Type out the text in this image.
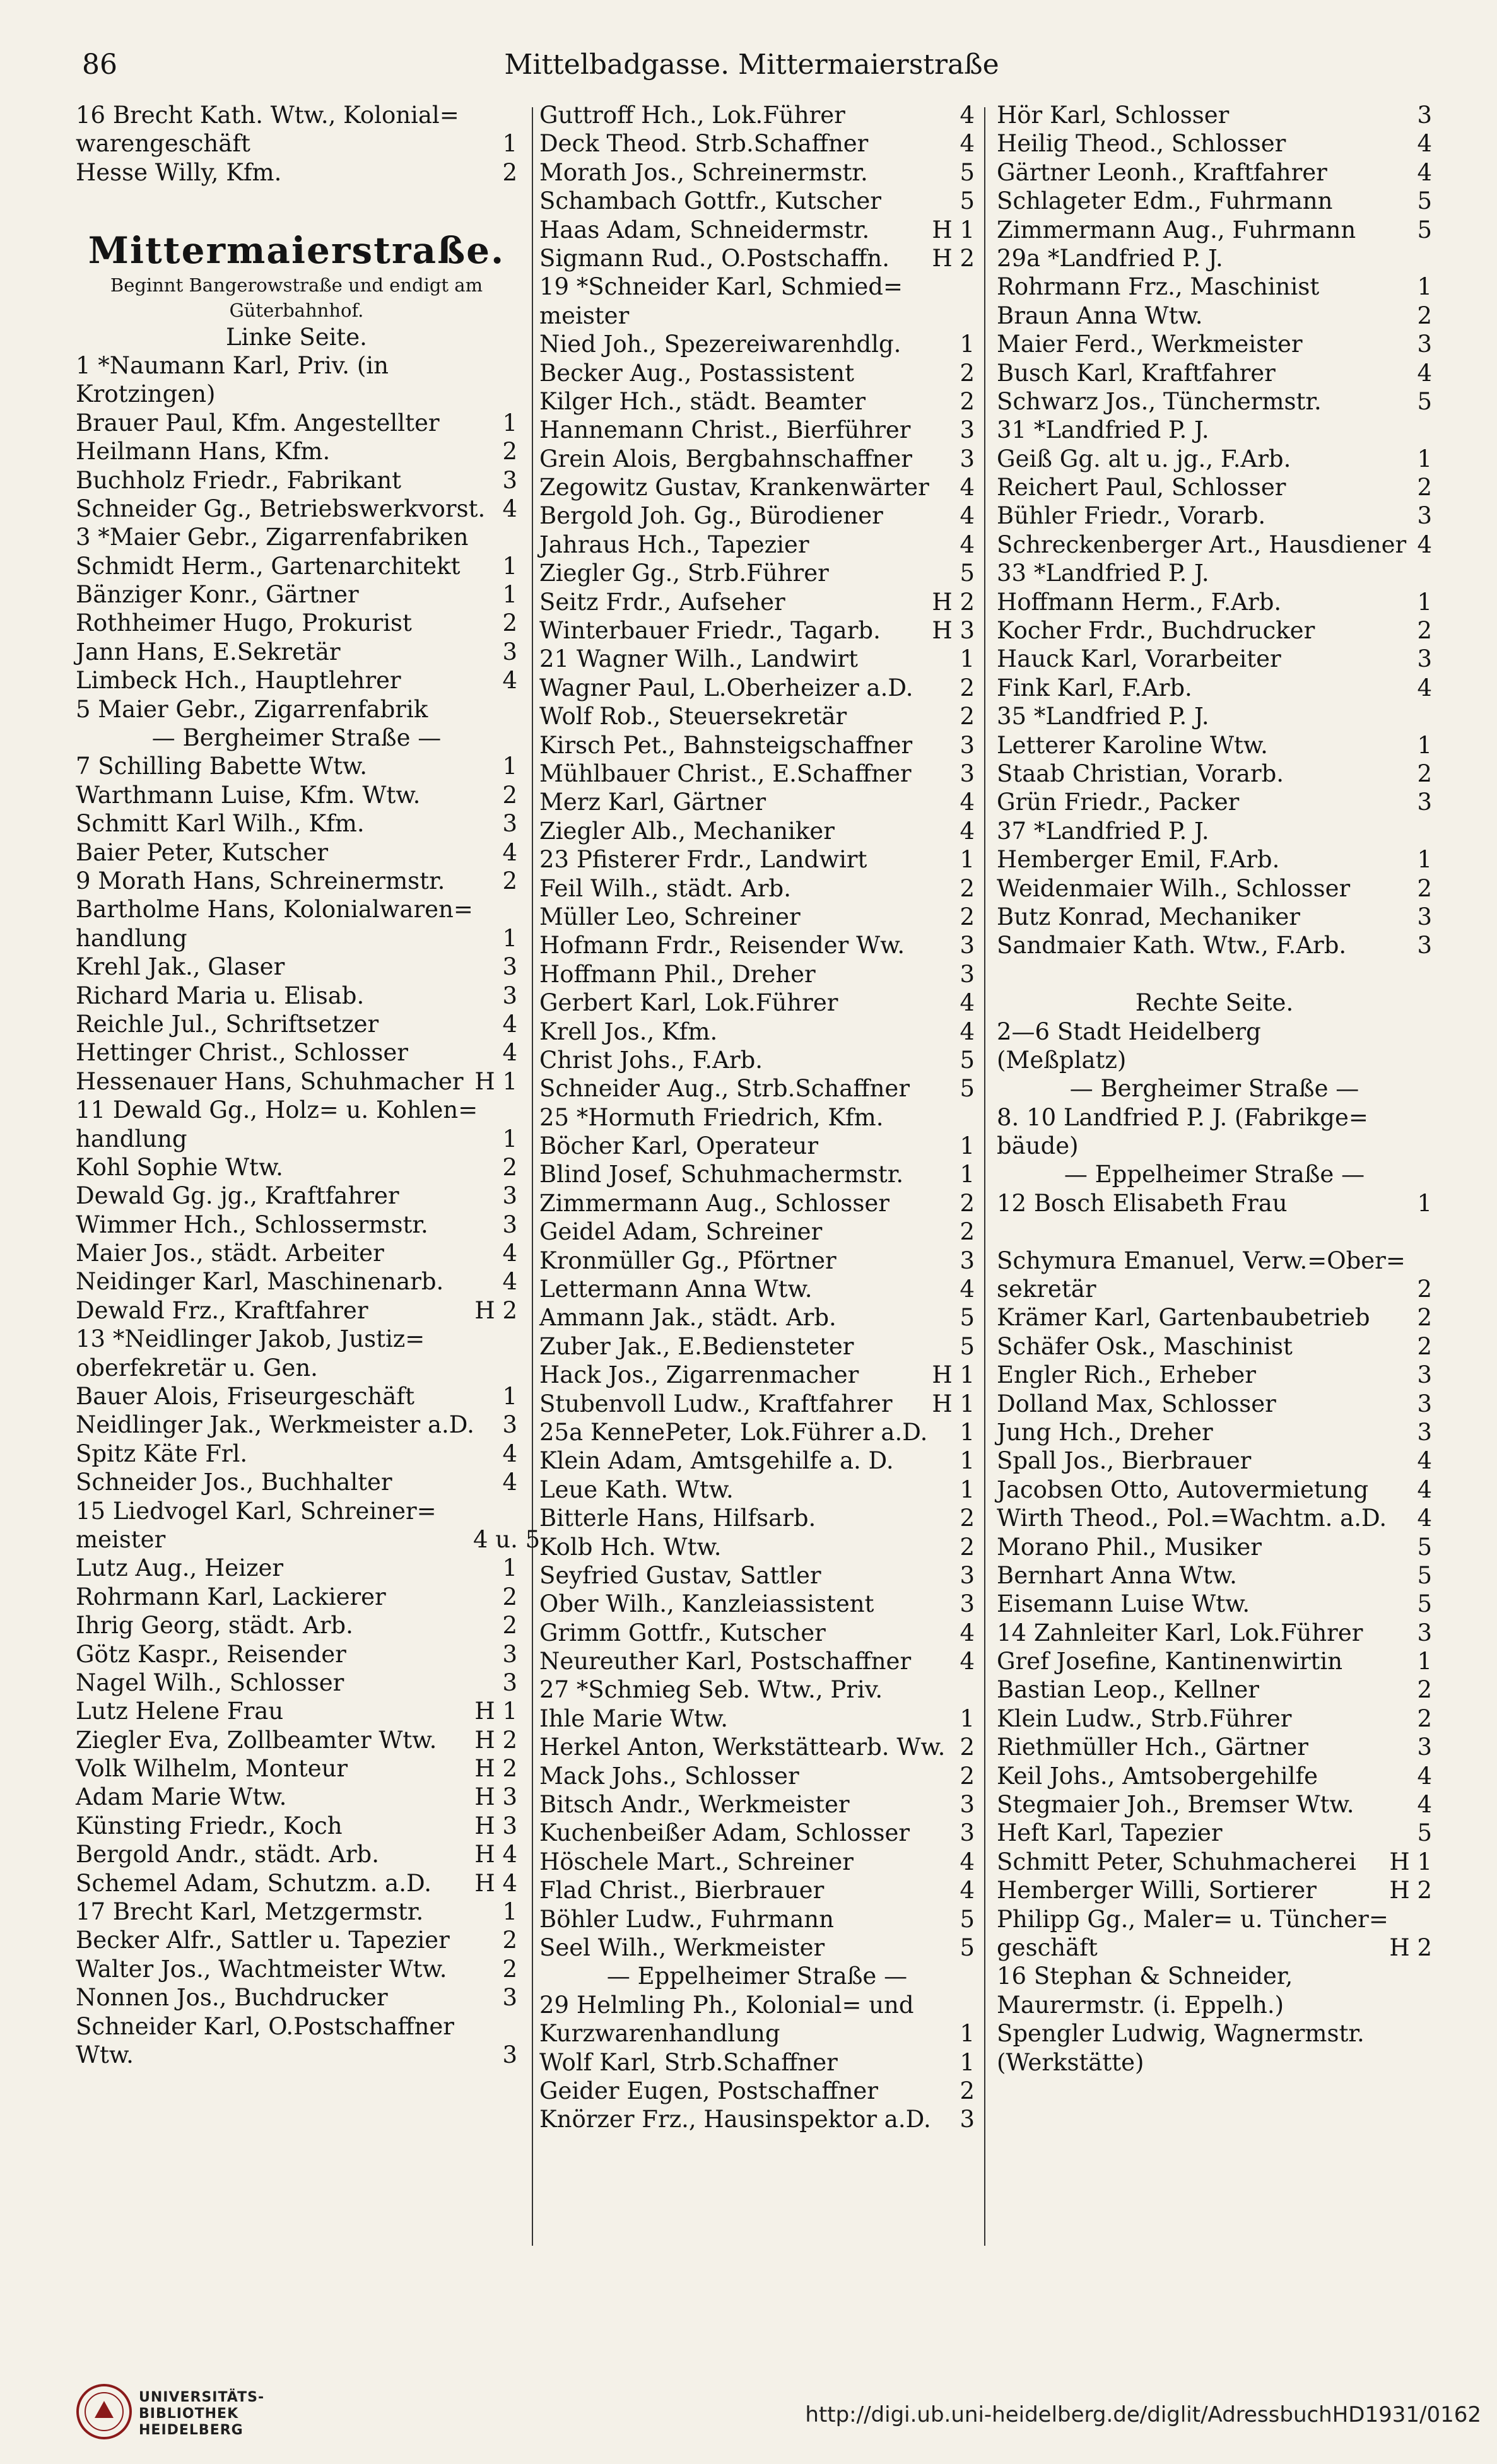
86	Mittelbadgasse. Mittermaierstraße
16 Brecht Kath. Wtw., Kolonial=
warengeschäft	1
Hesse Willy, Kfm.	2
Mittermaierstraße.
Beginnt Bangerowstraße und endigt am
Güterbahnhof.
Linke Seite.
1 *Naumann Karl, Priv. (in
Krotzingen)
Brauer Paul, Kfm. Angestellter	1
Heilmann Hans, Kfm.	2
Buchholz Friedr., Fabrikant	3
Schneider Gg., Betriebswerkvorst. 4
3 *Maier Gebr., Zigarrenfabriken
Schmidt Herm., Gartenarchitekt	1
Bänziger Konr., Gärtner	1
Rothheimer Hugo, Prokurist	2
Jann Hans, E.Sekretär	3
Limbeck Hch., Hauptlehrer	4
5 Maier Gebr., Zigarrenfabrik
— Bergheimer Straße —
7 Schilling Babette Wtw.	1
Warthmann Luise, Kfm. Wtw.	2
Schmitt Karl Wilh., Kfm.	3
Baier Peter, Kutscher	4
9 Morath Hans, Schreinermstr.	2
Bartholme Hans, Kolonialwaren=
handlung	1
Krehl Jak., Glaser	3
Richard Maria u. Elisab.	3
Reichle Jul., Schriftsetzer	4
Hettinger Christ., Schlosser	4
Hessenauer Hans, Schuhmacher H 1
11 Dewald Gg., Holz= u. Kohlen=
handlung	1
Kohl Sophie Wtw.	2
Dewald Gg. jg., Kraftfahrer	3
Wimmer Hch., Schlossermstr.	3
Maier Jos., städt. Arbeiter	4
Neidinger Karl, Maschinenarb.	4
Dewald Frz., Kraftfahrer	H 2
13 *Neidlinger Jakob, Justiz=
oberfekretär u. Gen.
Bauer Alois, Friseurgeschäft	1
Neidlinger Jak., Werkmeister a.D.	3
Spitz Käte Frl.	4
Schneider Jos., Buchhalter	4
15 Liedvogel Karl, Schreiner=
meister	4 u. 5
Lutz Aug., Heizer	1
Rohrmann Karl, Lackierer	2
Ihrig Georg, städt. Arb.	2
Götz Kaspr., Reisender	3
Nagel Wilh., Schlosser	3
Lutz Helene Frau	H 1
Ziegler Eva, Zollbeamter Wtw. H 2
Volk Wilhelm, Monteur	H 2
Adam Marie Wtw.	H 3
Künsting Friedr., Koch	H 3
Bergold Andr., städt. Arb.	H 4
Schemel Adam, Schutzm. a.D. H 4
17 Brecht Karl, Metzgermstr.	1
Becker Alfr., Sattler u. Tapezier	2
Walter Jos., Wachtmeister Wtw.	2
Nonnen Jos., Buchdrucker	3
Schneider Karl, O.Postschaffner
Wtw.	3
Guttroff Hch., Lok.Führer	4
Deck Theod. Strb.Schaffner	4
Morath Jos., Schreinermstr.	5
Schambach Gottfr., Kutscher	5
Haas Adam, Schneidermstr.	H 1
Sigmann Rud., O.Postschaffn. H 2
19 *Schneider Karl, Schmied=
meister
Nied Joh., Spezereiwarenhdlg.	1
Becker Aug., Postassistent	2
Kilger Hch., städt. Beamter	2
Hannemann Christ., Bierführer	3
Grein Alois, Bergbahnschaffner	3
Zegowitz Gustav, Krankenwärter	4
Bergold Joh. Gg., Bürodiener	4
Jahraus Hch., Tapezier	4
Ziegler Gg., Strb.Führer	5
Seitz Frdr., Aufseher	H 2
Winterbauer Friedr., Tagarb. H 3
21 Wagner Wilh., Landwirt	1
Wagner Paul, L.Oberheizer a.D.	2
Wolf Rob., Steuersekretär	2
Kirsch Pet., Bahnsteigschaffner	3
Mühlbauer Christ., E.Schaffner	3
Merz Karl, Gärtner	4
Ziegler Alb., Mechaniker	4
23 Pfisterer Frdr., Landwirt	1
Feil Wilh., städt. Arb.	2
Müller Leo, Schreiner	2
Hofmann Frdr., Reisender Ww.	3
Hoffmann Phil., Dreher	3
Gerbert Karl, Lok.Führer	4
Krell Jos., Kfm.	4
Christ Johs., F.Arb.	5
Schneider Aug., Strb.Schaffner	5
25 *Hormuth Friedrich, Kfm.
Böcher Karl, Operateur	1
Blind Josef, Schuhmachermstr.	1
Zimmermann Aug., Schlosser	2
Geidel Adam, Schreiner	2
Kronmüller Gg., Pförtner	3
Lettermann Anna Wtw.	4
Ammann Jak., städt. Arb.	5
Zuber Jak., E.Bediensteter	5
Hack Jos., Zigarrenmacher	H 1
Stubenvoll Ludw., Kraftfahrer H 1
25a KennePeter, Lok.Führer a.D.	1
Klein Adam, Amtsgehilfe a. D.	1
Leue Kath. Wtw.	1
Bitterle Hans, Hilfsarb.	2
Kolb Hch. Wtw.	2
Seyfried Gustav, Sattler	3
Ober Wilh., Kanzleiassistent	3
Grimm Gottfr., Kutscher	4
Neureuther Karl, Postschaffner	4
27 *Schmieg Seb. Wtw., Priv.
Ihle Marie Wtw.	1
Herkel Anton, Werkstättearb. Ww. 2
Mack Johs., Schlosser	2
Bitsch Andr., Werkmeister	3
Kuchenbeißer Adam, Schlosser	3
Höschele Mart., Schreiner	4
Flad Christ., Bierbrauer	4
Böhler Ludw., Fuhrmann	5
Seel Wilh., Werkmeister	5
— Eppelheimer Straße —
29 Helmling Ph., Kolonial= und
Kurzwarenhandlung	1
Wolf Karl, Strb.Schaffner	1
Geider Eugen, Postschaffner	2
Knörzer Frz., Hausinspektor a.D.	3
Hör Karl, Schlosser	3
Heilig Theod., Schlosser	4
Gärtner Leonh., Kraftfahrer	4
Schlageter Edm., Fuhrmann	5
Zimmermann Aug., Fuhrmann	5
29a *Landfried P. J.
Rohrmann Frz., Maschinist	1
Braun Anna Wtw.	2
Maier Ferd., Werkmeister	3
Busch Karl, Kraftfahrer	4
Schwarz Jos., Tünchermstr.	5
31 *Landfried P. J.
Geiß Gg. alt u. jg., F.Arb.	1
Reichert Paul, Schlosser	2
Bühler Friedr., Vorarb.	3
Schreckenberger Art., Hausdiener 4
33 *Landfried P. J.
Hoffmann Herm., F.Arb.	1
Kocher Frdr., Buchdrucker	2
Hauck Karl, Vorarbeiter	3
Fink Karl, F.Arb.	4
35 *Landfried P. J.
Letterer Karoline Wtw.	1
Staab Christian, Vorarb.	2
Grün Friedr., Packer	3
37 *Landfried P. J.
Hemberger Emil, F.Arb.	1
Weidenmaier Wilh., Schlosser	2
Butz Konrad, Mechaniker	3
Sandmaier Kath. Wtw., F.Arb.	3
Rechte Seite.
2—6 Stadt Heidelberg
(Meßplatz)
— Bergheimer Straße —
8. 10 Landfried P. J. (Fabrikge=
bäude)
— Eppelheimer Straße —
12 Bosch Elisabeth Frau	1
Schymura Emanuel, Verw.=Ober=
sekretär	2
Krämer Karl, Gartenbaubetrieb	2
Schäfer Osk., Maschinist	2
Engler Rich., Erheber	3
Dolland Max, Schlosser	3
Jung Hch., Dreher	3
Spall Jos., Bierbrauer	4
Jacobsen Otto, Autovermietung	4
Wirth Theod., Pol.=Wachtm. a.D.	4
Morano Phil., Musiker	5
Bernhart Anna Wtw.	5
Eisemann Luise Wtw.	5
14 Zahnleiter Karl, Lok.Führer	3
Gref Josefine, Kantinenwirtin	1
Bastian Leop., Kellner	2
Klein Ludw., Strb.Führer	2
Riethmüller Hch., Gärtner	3
Keil Johs., Amtsobergehilfe	4
Stegmaier Joh., Bremser Wtw.	4
Heft Karl, Tapezier	5
Schmitt Peter, Schuhmacherei H 1
Hemberger Willi, Sortierer	H 2
Philipp Gg., Maler= u. Tüncher=
geschäft	H 2
16 Stephan & Schneider,
Maurermstr. (i. Eppelh.)
Spengler Ludwig, Wagnermstr.
(Werkstätte)
UNIVERSITÄTS-
BIBLIOTHEK
HEIDELBERG
http://digi.ub.uni-heidelberg.de/diglit/AdressbuchHD1931/0162
